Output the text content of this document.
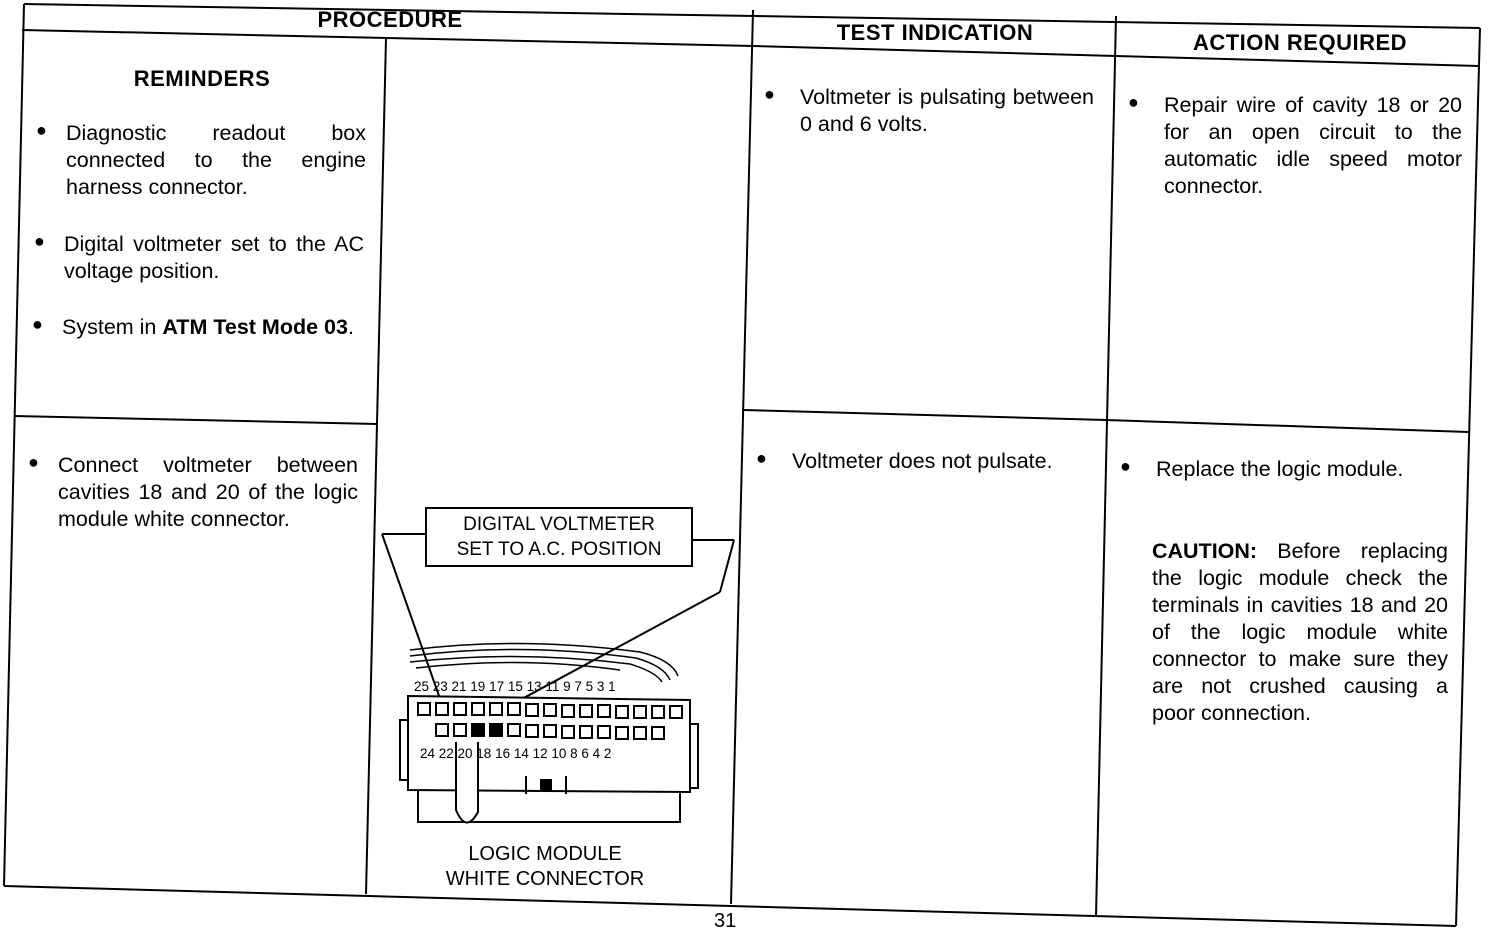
PROCEDURE
TEST INDICATION	ACTION REQUIRED
REMINDERS
● Diagnostic readout box connected to the engine harness connector.
● Digital voltmeter set to the AC voltage position.
● System in ATM Test Mode 03.
● Connect voltmeter between cavities 18 and 20 of the logic module white connector.
● Voltmeter is pulsating between 0 and 6 volts.
● Voltmeter does not pulsate.
● Repair wire of cavity 18 or 20 for an open circuit to the automatic idle speed motor connector.
● Replace the logic module.
CAUTION: Before replacing the logic module check the terminals in cavities 18 and 20 of the logic module white connector to make sure they are not crushed causing a poor connection.
DIGITAL VOLTMETER
SET TO A.C. POSITION
25 23 21 19 17 15 13 11 9 7 5 3 1
24 22 20 18 16 14 12 10 8 6 4 2
LOGIC MODULE
WHITE CONNECTOR
31
